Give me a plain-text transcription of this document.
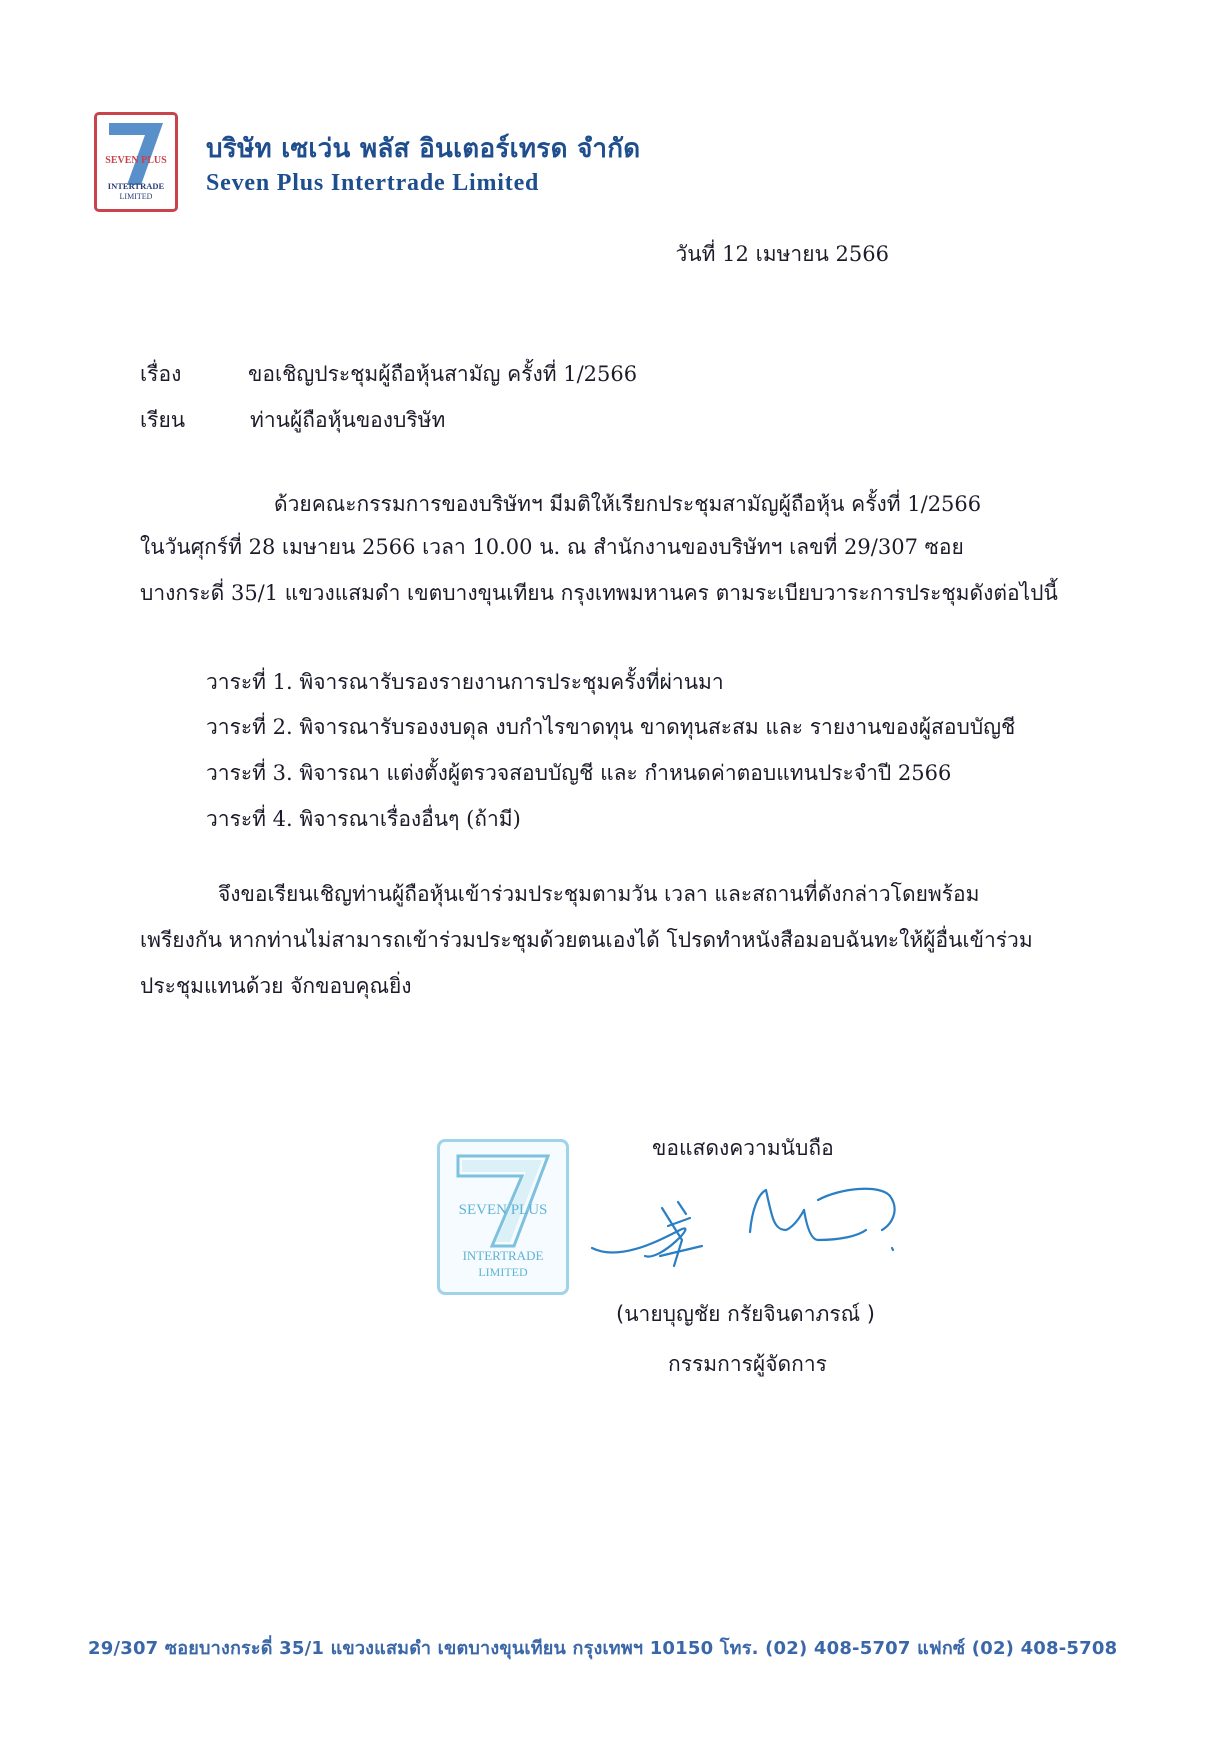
SEVEN PLUS
INTERTRADE
LIMITED
บริษัท เซเว่น พลัส อินเตอร์เทรด จำกัด
Seven Plus Intertrade Limited
วันที่ 12 เมษายน 2566
เรื่อง	ขอเชิญประชุมผู้ถือหุ้นสามัญ ครั้งที่ 1/2566
เรียน	ท่านผู้ถือหุ้นของบริษัท
ด้วยคณะกรรมการของบริษัทฯ มีมติให้เรียกประชุมสามัญผู้ถือหุ้น ครั้งที่ 1/2566
ในวันศุกร์ที่ 28 เมษายน 2566 เวลา 10.00 น. ณ สำนักงานของบริษัทฯ เลขที่ 29/307 ซอย
บางกระดี่ 35/1 แขวงแสมดำ เขตบางขุนเทียน กรุงเทพมหานคร ตามระเบียบวาระการประชุมดังต่อไปนี้
วาระที่ 1. พิจารณารับรองรายงานการประชุมครั้งที่ผ่านมา
วาระที่ 2. พิจารณารับรองงบดุล งบกำไรขาดทุน ขาดทุนสะสม และ รายงานของผู้สอบบัญชี
วาระที่ 3. พิจารณา แต่งตั้งผู้ตรวจสอบบัญชี และ กำหนดค่าตอบแทนประจำปี 2566
วาระที่ 4. พิจารณาเรื่องอื่นๆ (ถ้ามี)
จึงขอเรียนเชิญท่านผู้ถือหุ้นเข้าร่วมประชุมตามวัน เวลา และสถานที่ดังกล่าวโดยพร้อม
เพรียงกัน หากท่านไม่สามารถเข้าร่วมประชุมด้วยตนเองได้ โปรดทำหนังสือมอบฉันทะให้ผู้อื่นเข้าร่วม
ประชุมแทนด้วย จักขอบคุณยิ่ง
ขอแสดงความนับถือ
SEVEN PLUS
INTERTRADE
LIMITED
(นายบุญชัย กรัยจินดาภรณ์ )
กรรมการผู้จัดการ
29/307 ซอยบางกระดี่ 35/1 แขวงแสมดำ เขตบางขุนเทียน กรุงเทพฯ 10150 โทร. (02) 408-5707 แฟกซ์ (02) 408-5708
